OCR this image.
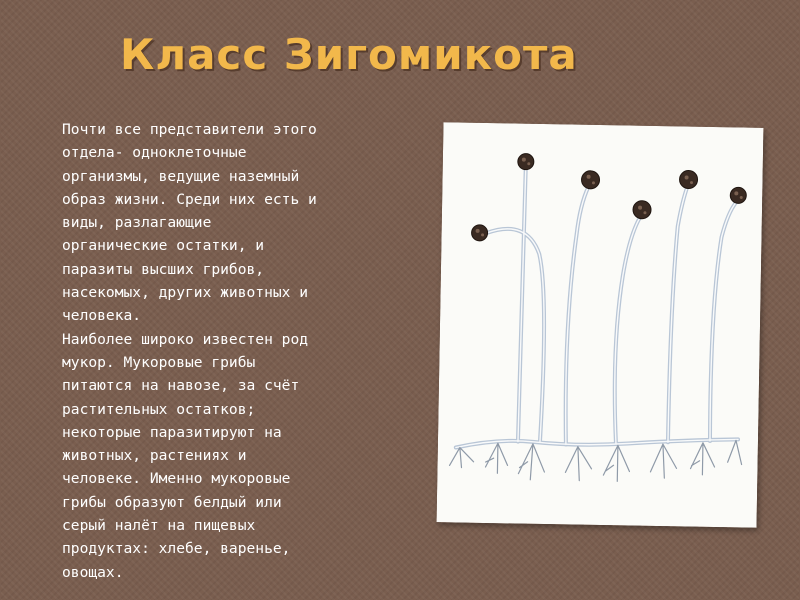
Класс Зигомикота
Почти все представители этого
отдела- одноклеточные
организмы, ведущие наземный
образ жизни. Среди них есть и
виды, разлагающие
органические остатки, и
паразиты высших грибов,
насекомых, других животных и
человека.
Наиболее широко известен род
мукор. Мукоровые грибы
питаются на навозе, за счёт
растительных остатков;
некоторые паразитируют на
животных, растениях и
человеке. Именно мукоровые
грибы образуют белдый или
серый налёт на пищевых
продуктах: хлебе, варенье,
овощах.
